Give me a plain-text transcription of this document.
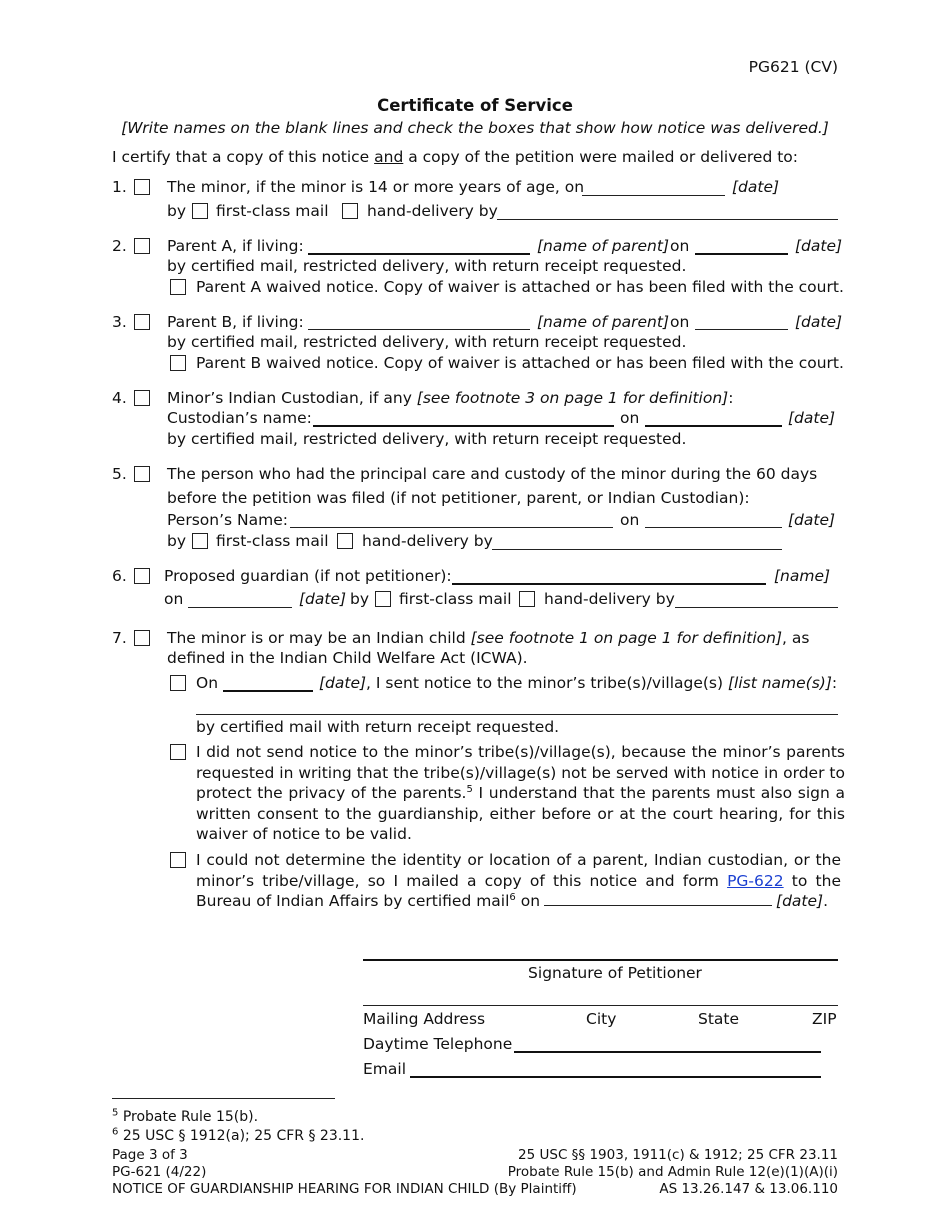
PG621 (CV)
Certificate of Service
[Write names on the blank lines and check the boxes that show how notice was delivered.]
I certify that a copy of this notice and a copy of the petition were mailed or delivered to:
1.	The minor, if the minor is 14 or more years of age, on	[date]
by first-class mail hand-delivery by
2.	Parent A, if living:	[name of parent] on	[date]
by certified mail, restricted delivery, with return receipt requested.
Parent A waived notice. Copy of waiver is attached or has been filed with the court.
3.	Parent B, if living:	[name of parent] on	[date]
by certified mail, restricted delivery, with return receipt requested.
Parent B waived notice. Copy of waiver is attached or has been filed with the court.
4.	Minor’s Indian Custodian, if any [see footnote 3 on page 1 for definition]:
Custodian’s name:	on	[date]
by certified mail, restricted delivery, with return receipt requested.
5.	The person who had the principal care and custody of the minor during the 60 days
before the petition was filed (if not petitioner, parent, or Indian Custodian):
Person’s Name:	on	[date]
by first-class mail hand-delivery by
6. Proposed guardian (if not petitioner):	[name]
on	[date] by first-class mail hand-delivery by
7.	The minor is or may be an Indian child [see footnote 1 on page 1 for definition], as
defined in the Indian Child Welfare Act (ICWA).
On	[date], I sent notice to the minor’s tribe(s)/village(s) [list name(s)]:
by certified mail with return receipt requested.
I did not send notice to the minor’s tribe(s)/village(s), because the minor’s parents requested in writing that the tribe(s)/village(s) not be served with notice in order to protect the privacy of the parents.$^5$ I understand that the parents must also sign a written consent to the guardianship, either before or at the court hearing, for this waiver of notice to be valid.
I could not determine the identity or location of a parent, Indian custodian, or the minor’s tribe/village, so I mailed a copy of this notice and form PG-622 to the Bureau of Indian Affairs by certified mail$^6$ on	[date].
Signature of Petitioner
Mailing Address	City	State	ZIP
Daytime Telephone
Email
$^5$ Probate Rule 15(b).
$^6$ 25 USC § 1912(a); 25 CFR § 23.11.
Page 3 of 3
PG-621 (4/22)
NOTICE OF GUARDIANSHIP HEARING FOR INDIAN CHILD (By Plaintiff)
25 USC §§ 1903, 1911(c) & 1912; 25 CFR 23.11
Probate Rule 15(b) and Admin Rule 12(e)(1)(A)(i)
AS 13.26.147 & 13.06.110
